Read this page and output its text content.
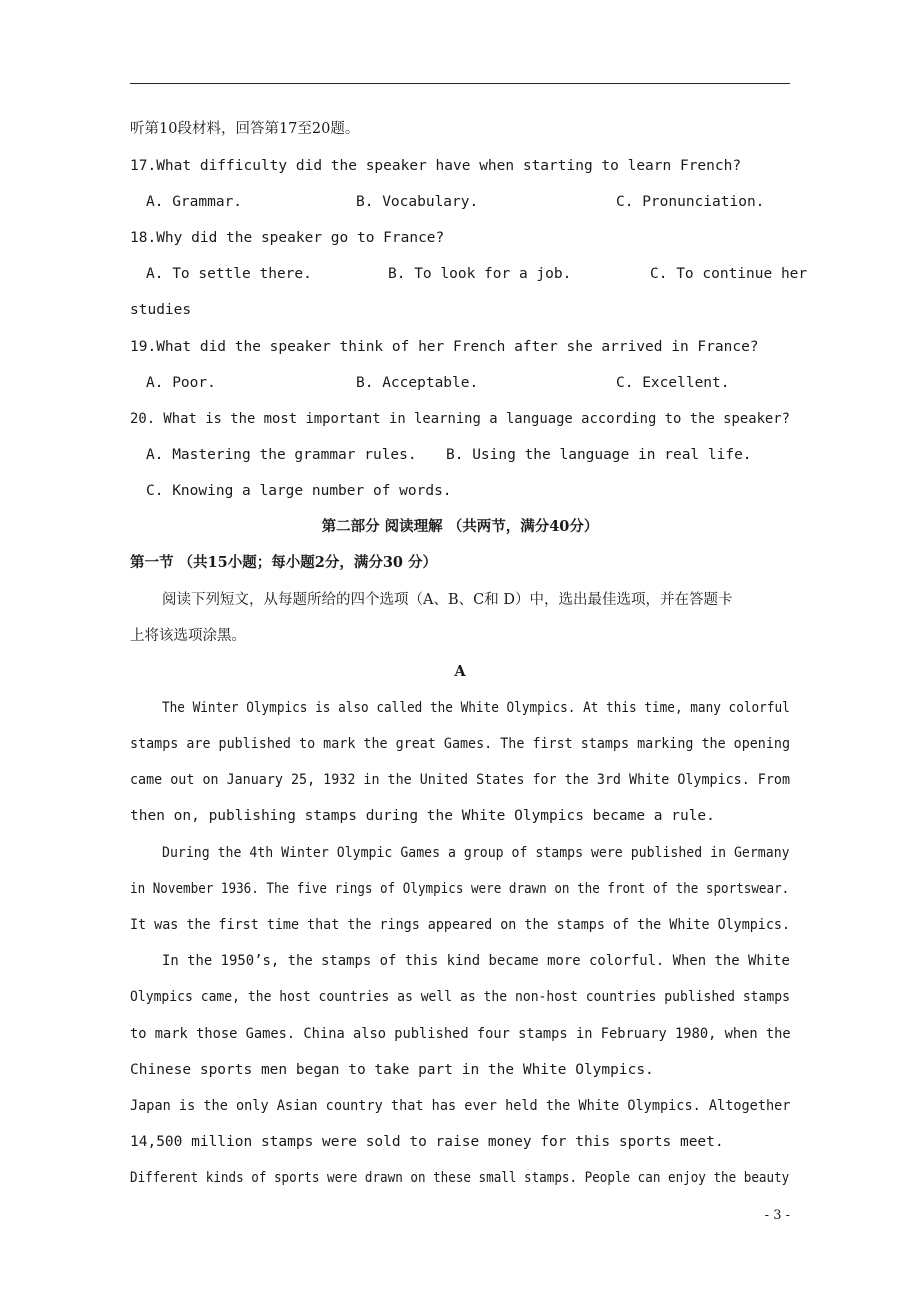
听第10段材料，回答第17至20题。
17.What difficulty did the speaker have when starting to learn French?
A. Grammar.	B. Vocabulary.	C. Pronunciation.
18.Why did the speaker go to France?
A. To settle there.	B. To look for a job.	C. To continue her
studies
19.What did the speaker think of her French after she arrived in France?
A. Poor.	B. Acceptable.	C. Excellent.
20. What is the most important in learning a language according to the speaker?
A. Mastering the grammar rules. B. Using the language in real life.
C. Knowing a large number of words.
第二部分 阅读理解 （共两节，满分40分）
第一节 （共15小题；每小题2分，满分30 分）
阅读下列短文，从每题所给的四个选项（A、B、C和 D）中，选出最佳选项，并在答题卡
上将该选项涂黑。
A
The Winter Olympics is also called the White Olympics. At this time, many colorful
stamps are published to mark the great Games. The first stamps marking the opening
came out on January 25, 1932 in the United States for the 3rd White Olympics. From
then on, publishing stamps during the White Olympics became a rule.
During the 4th Winter Olympic Games a group of stamps were published in Germany
in November 1936. The five rings of Olympics were drawn on the front of the sportswear.
It was the first time that the rings appeared on the stamps of the White Olympics.
In the 1950’s, the stamps of this kind became more colorful. When the White
Olympics came, the host countries as well as the non-host countries published stamps
to mark those Games. China also published four stamps in February 1980, when the
Chinese sports men began to take part in the White Olympics.
Japan is the only Asian country that has ever held the White Olympics. Altogether
14,500 million stamps were sold to raise money for this sports meet.
Different kinds of sports were drawn on these small stamps. People can enjoy the beauty
- 3 -
